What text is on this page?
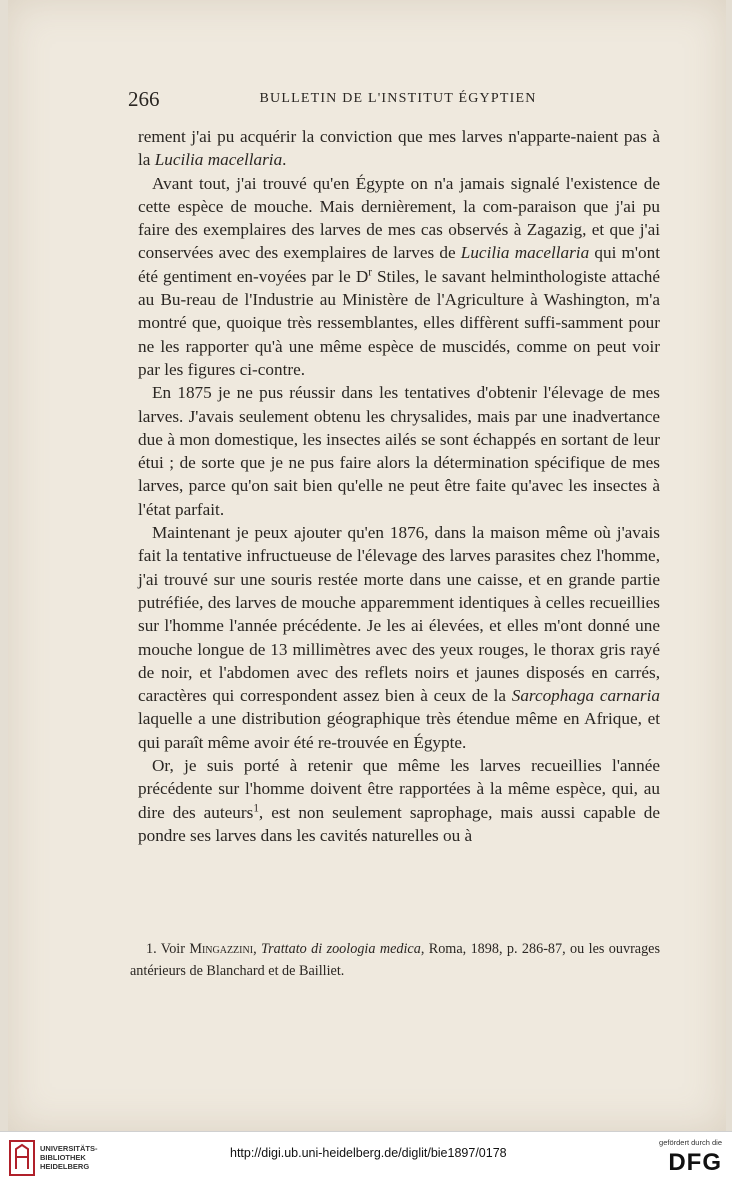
266	BULLETIN DE L'INSTITUT ÉGYPTIEN

rement j'ai pu acquérir la conviction que mes larves n'apparte-naient pas à la Lucilia macellaria.

Avant tout, j'ai trouvé qu'en Égypte on n'a jamais signalé l'existence de cette espèce de mouche. Mais dernièrement, la com-paraison que j'ai pu faire des exemplaires des larves de mes cas observés à Zagazig, et que j'ai conservées avec des exemplaires de larves de Lucilia macellaria qui m'ont été gentiment en-voyées par le $D^r$ Stiles, le savant helminthologiste attaché au Bu-reau de l'Industrie au Ministère de l'Agriculture à Washington, m'a montré que, quoique très ressemblantes, elles diffèrent suffi-samment pour ne les rapporter qu'à une même espèce de muscidés, comme on peut voir par les figures ci-contre.

En 1875 je ne pus réussir dans les tentatives d'obtenir l'élevage de mes larves. J'avais seulement obtenu les chrysalides, mais par une inadvertance due à mon domestique, les insectes ailés se sont échappés en sortant de leur étui ; de sorte que je ne pus faire alors la détermination spécifique de mes larves, parce qu'on sait bien qu'elle ne peut être faite qu'avec les insectes à l'état parfait.

Maintenant je peux ajouter qu'en 1876, dans la maison même où j'avais fait la tentative infructueuse de l'élevage des larves parasites chez l'homme, j'ai trouvé sur une souris restée morte dans une caisse, et en grande partie putréfiée, des larves de mouche apparemment identiques à celles recueillies sur l'homme l'année précédente. Je les ai élevées, et elles m'ont donné une mouche longue de 13 millimètres avec des yeux rouges, le thorax gris rayé de noir, et l'abdomen avec des reflets noirs et jaunes disposés en carrés, caractères qui correspondent assez bien à ceux de la Sarcophaga carnaria laquelle a une distribution géographique très étendue même en Afrique, et qui paraît même avoir été re-trouvée en Égypte.

Or, je suis porté à retenir que même les larves recueillies l'année précédente sur l'homme doivent être rapportées à la même espèce, qui, au dire des auteurs$^1$, est non seulement saprophage, mais aussi capable de pondre ses larves dans les cavités naturelles ou à

1. Voir Mingazzini, Trattato di zoologia medica, Roma, 1898, p. 286-87, ou les ouvrages antérieurs de Blanchard et de Bailliet.

UNIVERSITÄTS-
BIBLIOTHEK
HEIDELBERG
http://digi.ub.uni-heidelberg.de/diglit/bie1897/0178
gefördert durch die
DFG
